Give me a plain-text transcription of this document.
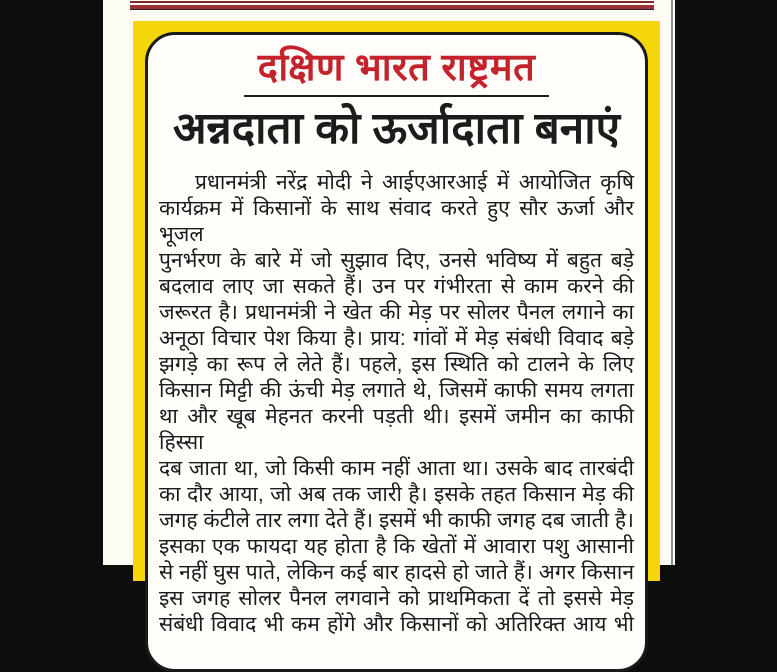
दक्षिण भारत राष्ट्रमत
अन्नदाता को ऊर्जादाता बनाएं
प्रधानमंत्री नरेंद्र मोदी ने आईएआरआई में आयोजित कृषि
कार्यक्रम में किसानों के साथ संवाद करते हुए सौर ऊर्जा और भूजल
पुनर्भरण के बारे में जो सुझाव दिए, उनसे भविष्य में बहुत बड़े
बदलाव लाए जा सकते हैं। उन पर गंभीरता से काम करने की
जरूरत है। प्रधानमंत्री ने खेत की मेड़ पर सोलर पैनल लगाने का
अनूठा विचार पेश किया है। प्राय: गांवों में मेड़ संबंधी विवाद बड़े
झगड़े का रूप ले लेते हैं। पहले, इस स्थिति को टालने के लिए
किसान मिट्टी की ऊंची मेड़ लगाते थे, जिसमें काफी समय लगता
था और खूब मेहनत करनी पड़ती थी। इसमें जमीन का काफी हिस्सा
दब जाता था, जो किसी काम नहीं आता था। उसके बाद तारबंदी
का दौर आया, जो अब तक जारी है। इसके तहत किसान मेड़ की
जगह कंटीले तार लगा देते हैं। इसमें भी काफी जगह दब जाती है।
इसका एक फायदा यह होता है कि खेतों में आवारा पशु आसानी
से नहीं घुस पाते, लेकिन कई बार हादसे हो जाते हैं। अगर किसान
इस जगह सोलर पैनल लगवाने को प्राथमिकता दें तो इससे मेड़
संबंधी विवाद भी कम होंगे और किसानों को अतिरिक्त आय भी
